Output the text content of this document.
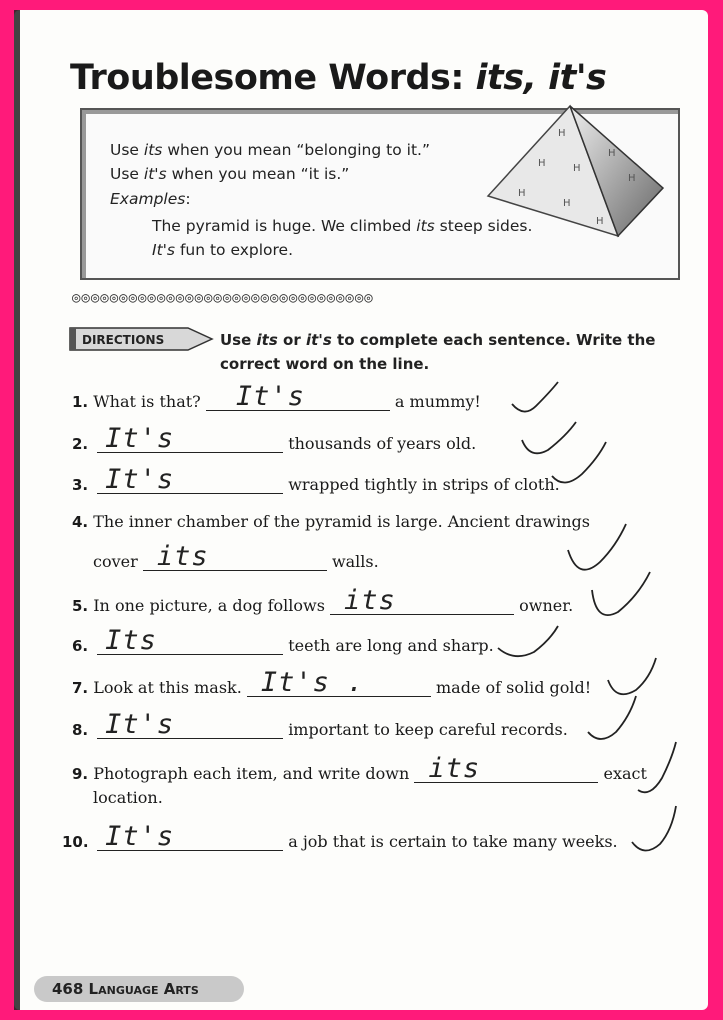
Troublesome Words: its, it's
Use its when you mean “belonging to it.”
Use it's when you mean “it is.”
Examples:
The pyramid is huge. We climbed its steep sides.
It's fun to explore.
H
H	H
H
H
H
H
H
◎◎◎◎◎◎◎◎◎◎◎◎◎◎◎◎◎◎◎◎◎◎◎◎◎◎◎◎◎◎◎◎
DIRECTIONS	Use its or it's to complete each sentence. Write the correct word on the line.
1. What is that? It's	a mummy!
2. It's	thousands of years old.
3. It's	wrapped tightly in strips of cloth.
4. The inner chamber of the pyramid is large. Ancient drawings
cover its	walls.
5. In one picture, a dog follows its	owner.
6. Its	teeth are long and sharp.
7. Look at this mask. It's .	made of solid gold!
8. It's	important to keep careful records.
9. Photograph each item, and write down its	exact
location.
10. It's	a job that is certain to take many weeks.
468 Language Arts
